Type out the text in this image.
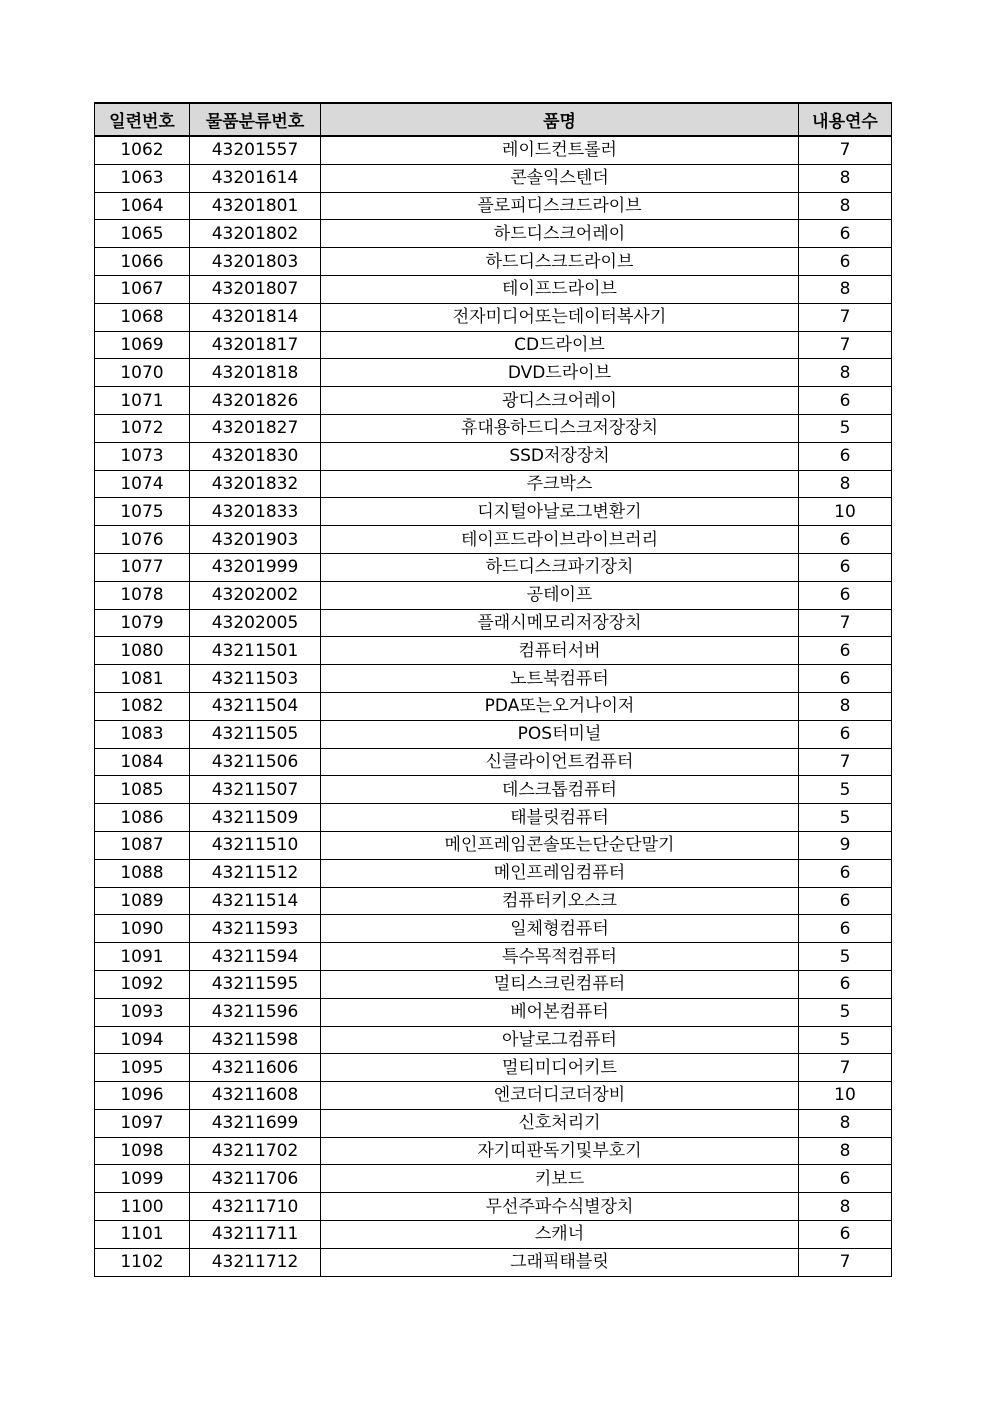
일련번호	물품분류번호	품명	내용연수
1062	43201557	레이드컨트롤러	7
1063	43201614	콘솔익스텐더	8
1064	43201801	플로피디스크드라이브	8
1065	43201802	하드디스크어레이	6
1066	43201803	하드디스크드라이브	6
1067	43201807	테이프드라이브	8
1068	43201814	전자미디어또는데이터복사기	7
1069	43201817	CD드라이브	7
1070	43201818	DVD드라이브	8
1071	43201826	광디스크어레이	6
1072	43201827	휴대용하드디스크저장장치	5
1073	43201830	SSD저장장치	6
1074	43201832	주크박스	8
1075	43201833	디지털아날로그변환기	10
1076	43201903	테이프드라이브라이브러리	6
1077	43201999	하드디스크파기장치	6
1078	43202002	공테이프	6
1079	43202005	플래시메모리저장장치	7
1080	43211501	컴퓨터서버	6
1081	43211503	노트북컴퓨터	6
1082	43211504	PDA또는오거나이저	8
1083	43211505	POS터미널	6
1084	43211506	신클라이언트컴퓨터	7
1085	43211507	데스크톱컴퓨터	5
1086	43211509	태블릿컴퓨터	5
1087	43211510	메인프레임콘솔또는단순단말기	9
1088	43211512	메인프레임컴퓨터	6
1089	43211514	컴퓨터키오스크	6
1090	43211593	일체형컴퓨터	6
1091	43211594	특수목적컴퓨터	5
1092	43211595	멀티스크린컴퓨터	6
1093	43211596	베어본컴퓨터	5
1094	43211598	아날로그컴퓨터	5
1095	43211606	멀티미디어키트	7
1096	43211608	엔코더디코더장비	10
1097	43211699	신호처리기	8
1098	43211702	자기띠판독기및부호기	8
1099	43211706	키보드	6
1100	43211710	무선주파수식별장치	8
1101	43211711	스캐너	6
1102	43211712	그래픽태블릿	7
